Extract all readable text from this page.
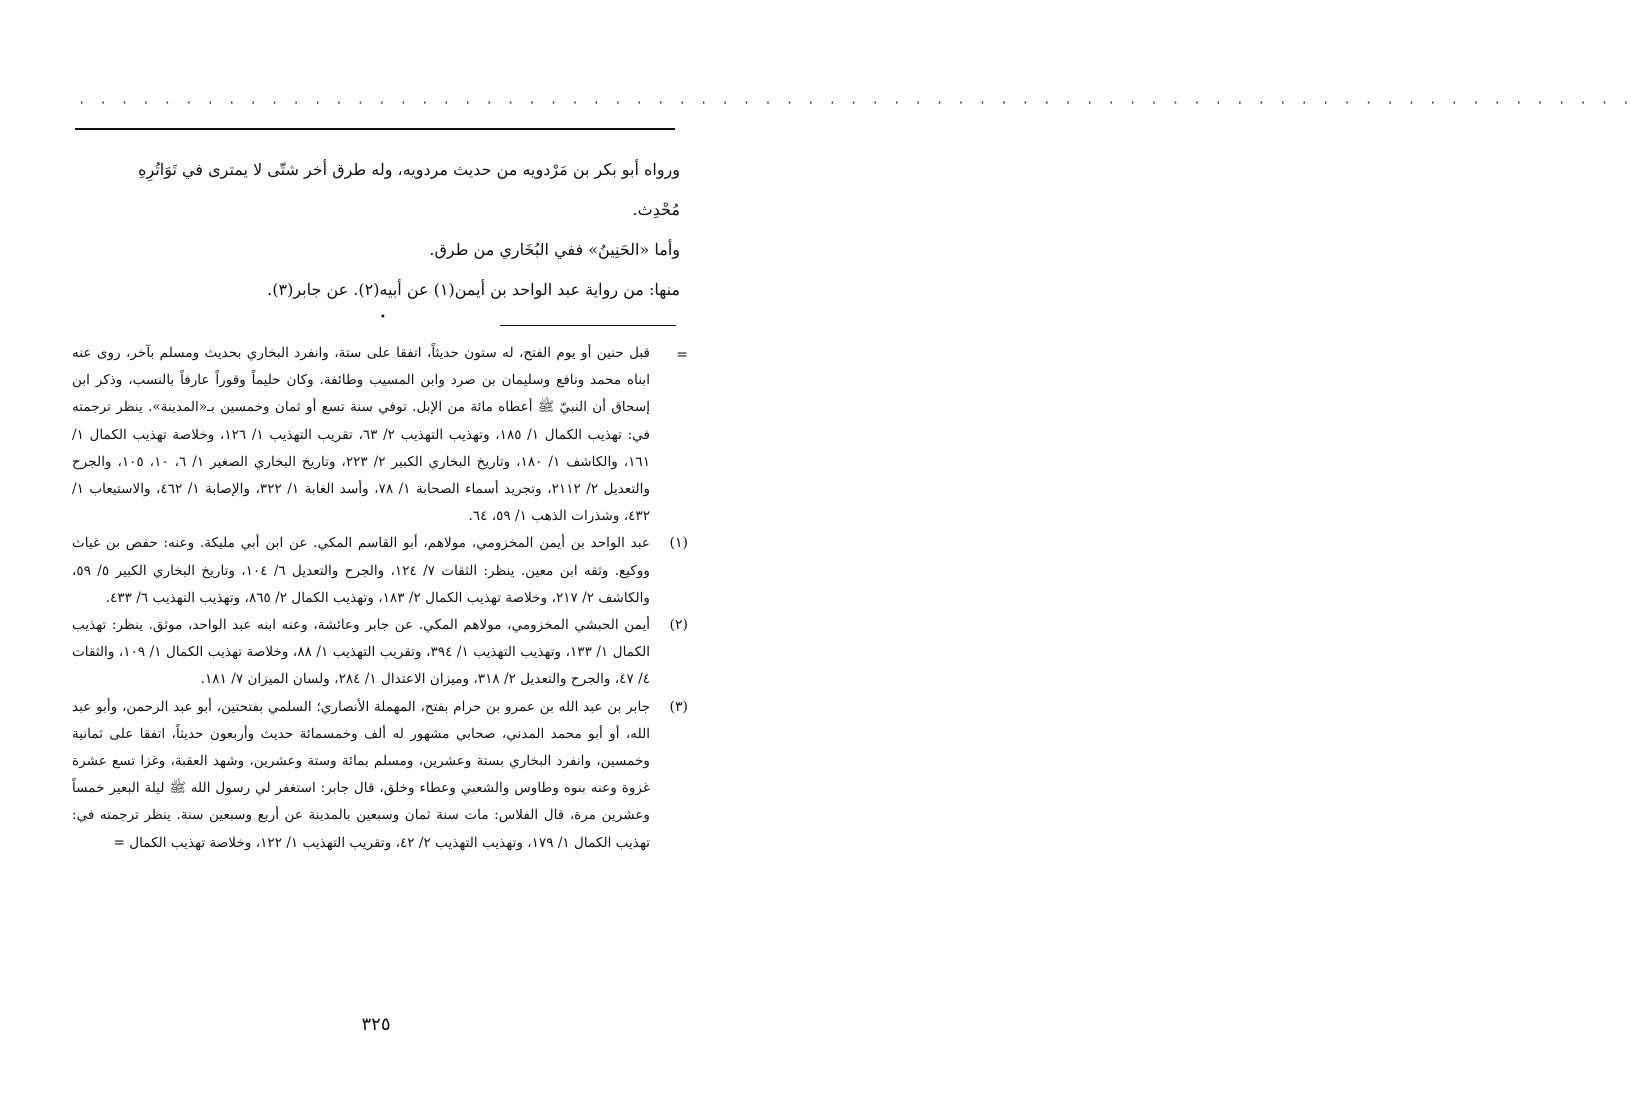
· · · · · · · · · · · · · · · · · · · · · · · · · · · · · · · · · · · · · · · · · · · · · · · · · · · · · · · · · · · · · · · · · · · · · · · · ·

ورواه أبو بكر بن مَرْدويه من حديث مردويه، وله طرق أخر شتّى لا يمترى في تَوَاتُرِهِ

مُحْدِث.

وأما «الحَنِينُ» ففي البُخَاري من طرق.

منها: من رواية عبد الواحد بن أيمن(١) عن أبيه(٢). عن جابر(٣).

•
=

قبل حنين أو يوم الفتح، له ستون حديثاً، اتفقا على ستة، وانفرد البخاري بحديث ومسلم بآخر، روى عنه ابناه محمد ونافع وسليمان بن صرد وابن المسيب وطائفة. وكان حليماً وقوراً عارفاً بالنسب، وذكر ابن إسحاق أن النبيّ ﷺ أعطاه مائة من الإبل. توفي سنة تسع أو ثمان وخمسين بـ«المدينة». ينظر ترجمته في: تهذيب الكمال ١/ ١٨٥، وتهذيب التهذيب ٢/ ٦٣، تقريب التهذيب ١/ ١٢٦، وخلاصة تهذيب الكمال ١/ ١٦١، والكاشف ١/ ١٨٠، وتاريخ البخاري الكبير ٢/ ٢٢٣، وتاريخ البخاري الصغير ١/ ٦، ١٠، ١٠٥، والجرح والتعديل ٢/ ٢١١٢، وتجريد أسماء الصحابة ١/ ٧٨، وأسد الغابة ١/ ٣٢٢، والإصابة ١/ ٤٦٢، والاستيعاب ١/ ٤٣٢، وشذرات الذهب ١/ ٥٩، ٦٤.

(١)

عبد الواحد بن أيمن المخزومي، مولاهم، أبو القاسم المكي. عن ابن أبي مليكة. وعنه: حفص بن غياث ووكيع. وثقه ابن معين. ينظر: الثقات ٧/ ١٢٤، والجرح والتعديل ٦/ ١٠٤، وتاريخ البخاري الكبير ٥/ ٥٩، والكاشف ٢/ ٢١٧، وخلاصة تهذيب الكمال ٢/ ١٨٣، وتهذيب الكمال ٢/ ٨٦٥، وتهذيب التهذيب ٦/ ٤٣٣.

(٢)

أيمن الحبشي المخزومي، مولاهم المكي. عن جابر وعائشة، وعنه ابنه عبد الواحد، موثق. ينظر: تهذيب الكمال ١/ ١٣٣، وتهذيب التهذيب ١/ ٣٩٤، وتقريب التهذيب ١/ ٨٨، وخلاصة تهذيب الكمال ١/ ١٠٩، والثقات ٤/ ٤٧، والجرح والتعديل ٢/ ٣١٨، وميزان الاعتدال ١/ ٢٨٤، ولسان الميزان ٧/ ١٨١.

(٣)

جابر بن عبد الله بن عمرو بن حرام بفتح، المهملة الأنصاري؛ السلمي بفتحتين، أبو عبد الرحمن، وأبو عبد الله، أو أبو محمد المدني، صحابي مشهور له ألف وخمسمائة حديث وأربعون حديثاً، اتفقا على ثمانية وخمسين، وانفرد البخاري بستة وعشرين، ومسلم بمائة وستة وعشرين، وشهد العقبة، وغزا تسع عشرة غزوة وعنه بنوه وطاوس والشعبي وعطاء وخلق، قال جابر: استغفر لي رسول الله ﷺ ليلة البعير خمساً وعشرين مرة، قال الفلاس: مات سنة ثمان وسبعين بالمدينة عن أربع وسبعين سنة. ينظر ترجمته في: تهذيب الكمال ١/ ١٧٩، وتهذيب التهذيب ٢/ ٤٢، وتقريب التهذيب ١/ ١٢٢، وخلاصة تهذيب الكمال =

٣٢٥
